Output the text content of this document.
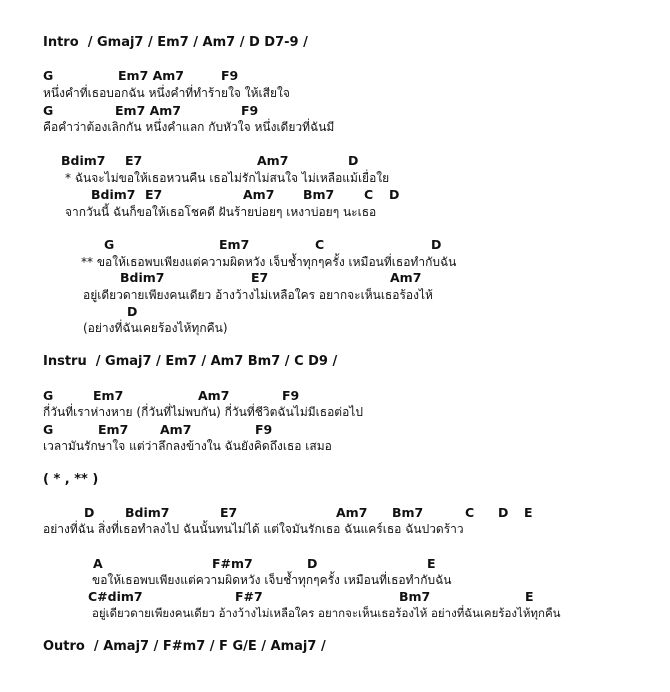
Intro  / Gmaj7 / Em7 / Am7 / D D7-9 /
G	Em7 Am7	F9
หนึ่งคำที่เธอบอกฉัน หนึ่งคำที่ทำร้ายใจ ให้เสียใจ
G	Em7 Am7	F9
คือคำว่าต้องเลิกกัน หนึ่งคำแลก กับหัวใจ หนึ่งเดียวที่ฉันมี
Bdim7 E7	Am7	D
* ฉันจะไม่ขอให้เธอหวนคืน เธอไม่รักไม่สนใจ ไม่เหลือแม้เยื่อใย
Bdim7 E7	Am7 Bm7 C D
จากวันนี้ ฉันก็ขอให้เธอโชคดี ฝันร้ายบ่อยๆ เหงาบ่อยๆ นะเธอ
G	Em7	C	D
** ขอให้เธอพบเพียงแต่ความผิดหวัง เจ็บช้ำทุกๆครั้ง เหมือนที่เธอทำกับฉัน
Bdim7	E7	Am7
อยู่เดียวดายเพียงคนเดียว อ้างว้างไม่เหลือใคร อยากจะเห็นเธอร้องไห้
D
(อย่างที่ฉันเคยร้องไห้ทุกคืน)
Instru  / Gmaj7 / Em7 / Am7 Bm7 / C D9 /
G	Em7	Am7	F9
กี่วันที่เราห่างหาย (กี่วันที่ไม่พบกัน) กี่วันที่ชีวิตฉันไม่มีเธอต่อไป
G	Em7	Am7	F9
เวลามันรักษาใจ แต่ว่าลึกลงข้างใน ฉันยังคิดถึงเธอ เสมอ
( * , ** )
D Bdim7	E7	Am7 Bm7	C D E
อย่างที่ฉัน สิ่งที่เธอทำลงไป ฉันนั้นทนไม่ได้ แต่ใจมันรักเธอ ฉันแคร์เธอ ฉันปวดร้าว
A	F#m7	D	E
ขอให้เธอพบเพียงแต่ความผิดหวัง เจ็บช้ำทุกๆครั้ง เหมือนที่เธอทำกับฉัน
C#dim7	F#7	Bm7	E
อยู่เดียวดายเพียงคนเดียว อ้างว้างไม่เหลือใคร อยากจะเห็นเธอร้องไห้ อย่างที่ฉันเคยร้องไห้ทุกคืน
Outro  / Amaj7 / F#m7 / F G/E / Amaj7 /
